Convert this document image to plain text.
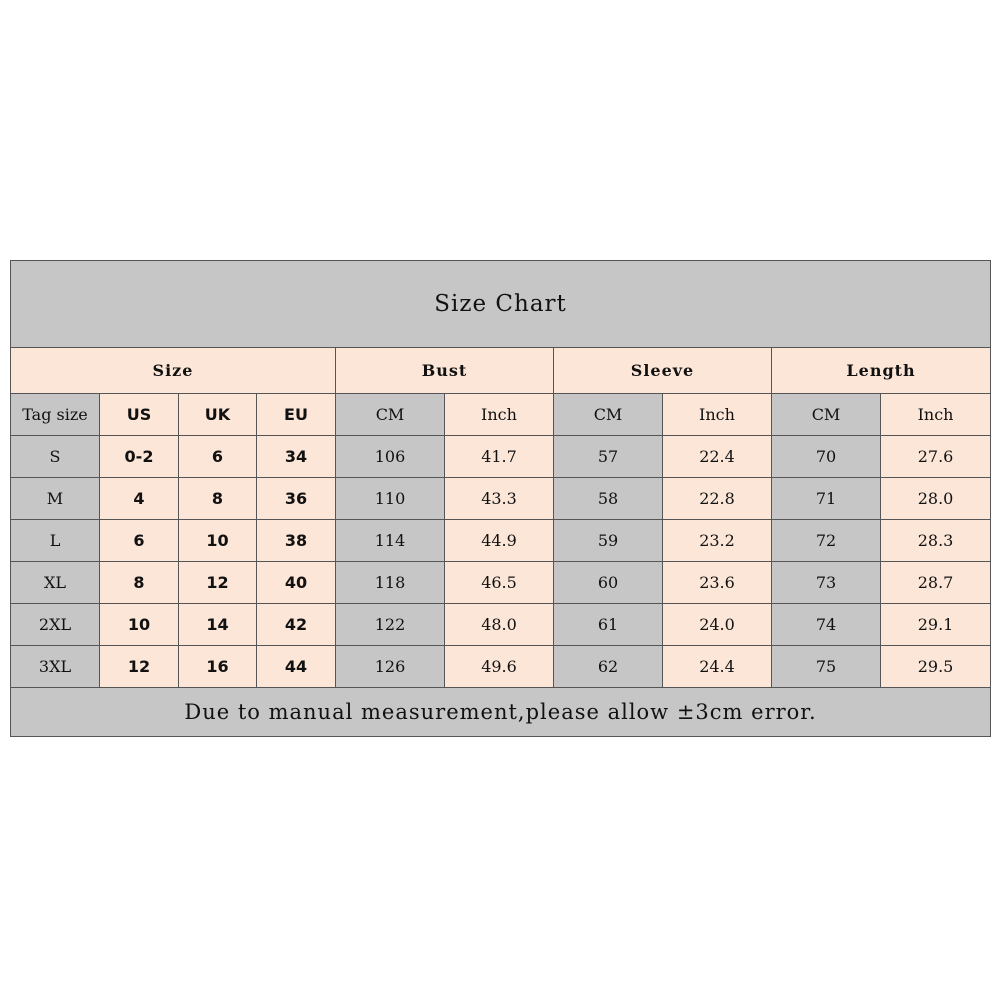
Size Chart									
Size				Bust		Sleeve		Length	
Tag size	US	UK	EU	CM	Inch	CM	Inch	CM	Inch
S	0-2	6	34	106	41.7	57	22.4	70	27.6
M	4	8	36	110	43.3	58	22.8	71	28.0
L	6	10	38	114	44.9	59	23.2	72	28.3
XL	8	12	40	118	46.5	60	23.6	73	28.7
2XL	10	14	42	122	48.0	61	24.0	74	29.1
3XL	12	16	44	126	49.6	62	24.4	75	29.5
Due to manual measurement,please allow ±3cm error.									
